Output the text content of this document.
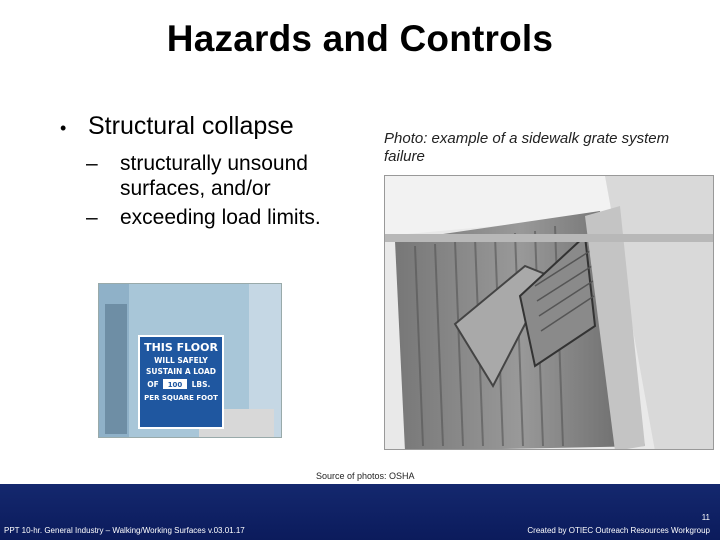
Hazards and Controls
• Structural collapse
–	structurally unsound surfaces, and/or
–	exceeding load limits.
Photo: example of a sidewalk grate system failure
THIS FLOOR
WILL SAFELY
SUSTAIN A LOAD
OF 100 LBS.
PER SQUARE FOOT
Source of photos: OSHA
PPT 10-hr. General Industry – Walking/Working Surfaces v.03.01.17
11
Created by OTIEC Outreach Resources Workgroup
